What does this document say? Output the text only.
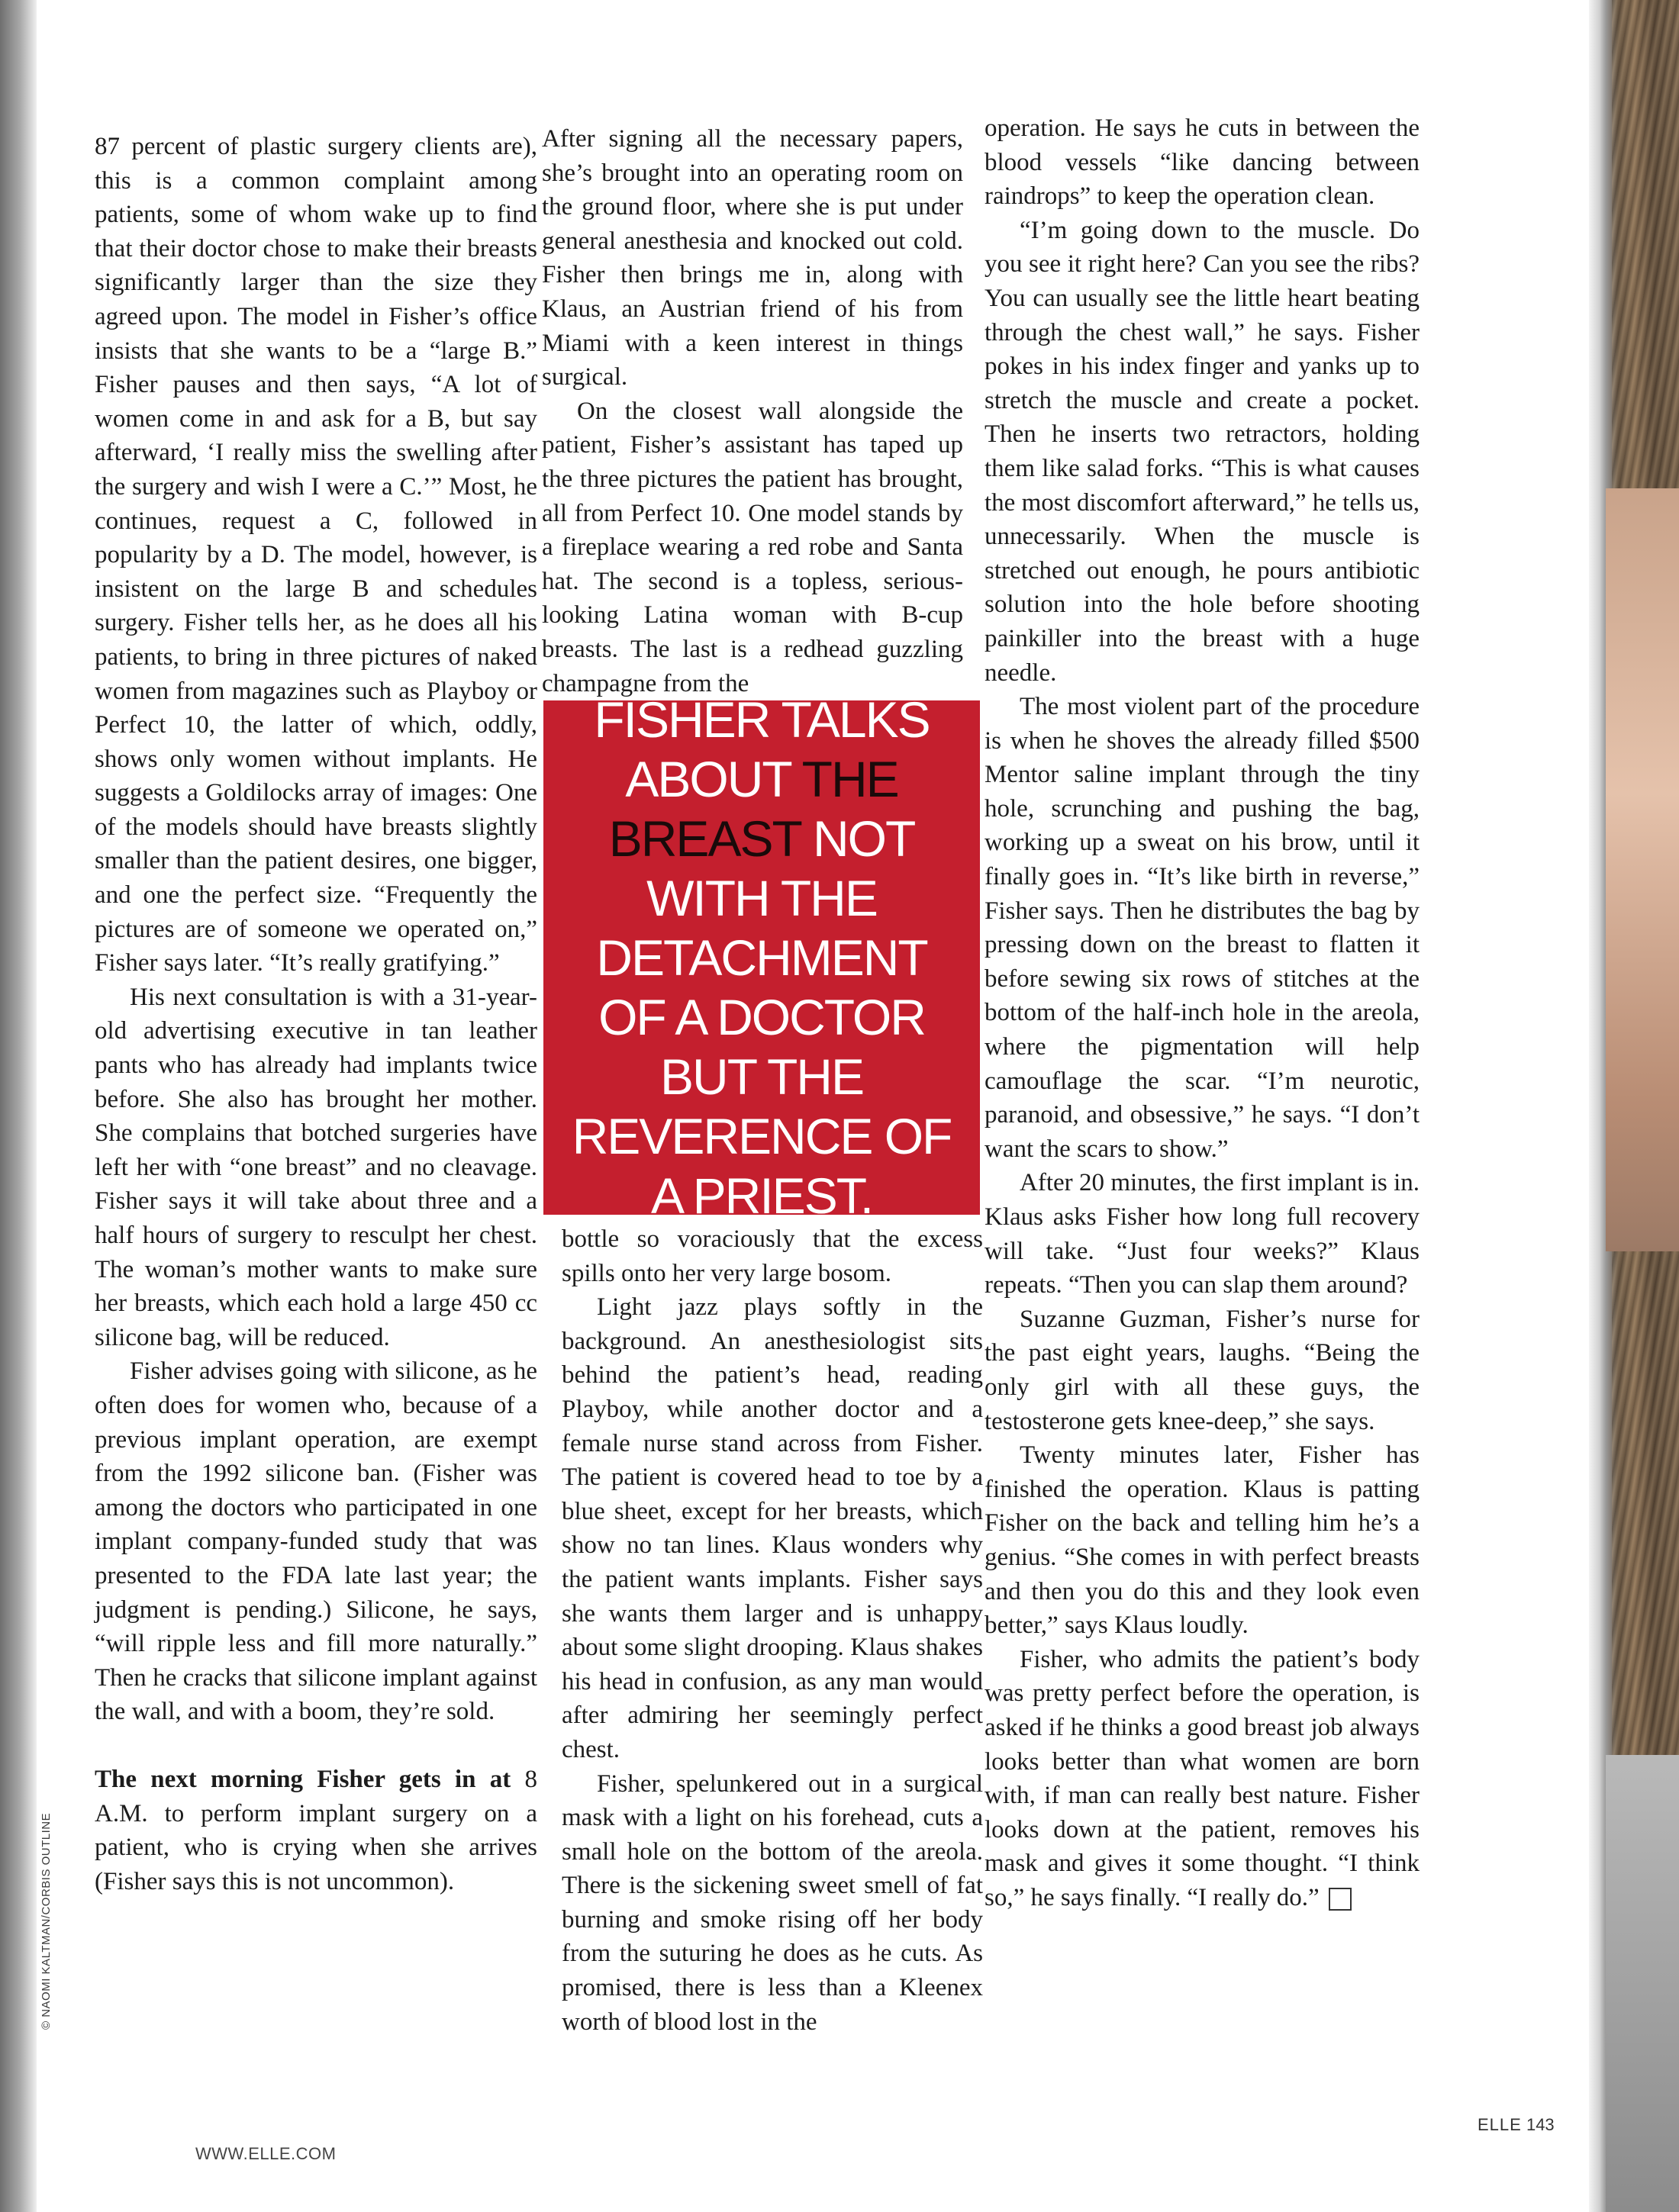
87 percent of plastic surgery clients are), this is a common complaint among patients, some of whom wake up to find that their doctor chose to make their breasts significantly larger than the size they agreed upon. The model in Fisher’s office insists that she wants to be a “large B.” Fisher pauses and then says, “A lot of women come in and ask for a B, but say afterward, ‘I really miss the swelling after the surgery and wish I were a C.’” Most, he continues, request a C, followed in popularity by a D. The model, however, is insistent on the large B and schedules surgery. Fisher tells her, as he does all his patients, to bring in three pictures of naked women from magazines such as Playboy or Perfect 10, the latter of which, oddly, shows only women without implants. He suggests a Goldilocks array of images: One of the models should have breasts slightly smaller than the patient desires, one bigger, and one the perfect size. “Frequently the pictures are of someone we operated on,” Fisher says later. “It’s really gratifying.”

His next consultation is with a 31-year-old advertising executive in tan leather pants who has already had implants twice before. She also has brought her mother. She complains that botched surgeries have left her with “one breast” and no cleavage. Fisher says it will take about three and a half hours of surgery to resculpt her chest. The woman’s mother wants to make sure her breasts, which each hold a large 450 cc silicone bag, will be reduced.

Fisher advises going with silicone, as he often does for women who, because of a previous implant operation, are exempt from the 1992 silicone ban. (Fisher was among the doctors who participated in one implant company-funded study that was presented to the FDA late last year; the judgment is pending.) Silicone, he says, “will ripple less and fill more naturally.” Then he cracks that silicone implant against the wall, and with a boom, they’re sold.

The next morning Fisher gets in at 8 A.M. to perform implant surgery on a patient, who is crying when she arrives (Fisher says this is not uncommon).

After signing all the necessary papers, she’s brought into an operating room on the ground floor, where she is put under general anesthesia and knocked out cold. Fisher then brings me in, along with Klaus, an Austrian friend of his from Miami with a keen interest in things surgical.

On the closest wall alongside the patient, Fisher’s assistant has taped up the three pictures the patient has brought, all from Perfect 10. One model stands by a fireplace wearing a red robe and Santa hat. The second is a topless, serious-looking Latina woman with B-cup breasts. The last is a redhead guzzling champagne from the

FISHER TALKS ABOUT THE BREAST NOT WITH THE DETACHMENT OF A DOCTOR BUT THE REVERENCE OF A PRIEST.

bottle so voraciously that the excess spills onto her very large bosom.

Light jazz plays softly in the background. An anesthesiologist sits behind the patient’s head, reading Playboy, while another doctor and a female nurse stand across from Fisher. The patient is covered head to toe by a blue sheet, except for her breasts, which show no tan lines. Klaus wonders why the patient wants implants. Fisher says she wants them larger and is unhappy about some slight drooping. Klaus shakes his head in confusion, as any man would after admiring her seemingly perfect chest.

Fisher, spelunkered out in a surgical mask with a light on his forehead, cuts a small hole on the bottom of the areola. There is the sickening sweet smell of fat burning and smoke rising off her body from the suturing he does as he cuts. As promised, there is less than a Kleenex worth of blood lost in the

operation. He says he cuts in between the blood vessels “like dancing between raindrops” to keep the operation clean.

“I’m going down to the muscle. Do you see it right here? Can you see the ribs? You can usually see the little heart beating through the chest wall,” he says. Fisher pokes in his index finger and yanks up to stretch the muscle and create a pocket. Then he inserts two retractors, holding them like salad forks. “This is what causes the most discomfort afterward,” he tells us, unnecessarily. When the muscle is stretched out enough, he pours antibiotic solution into the hole before shooting painkiller into the breast with a huge needle.

The most violent part of the procedure is when he shoves the already filled $500 Mentor saline implant through the tiny hole, scrunching and pushing the bag, working up a sweat on his brow, until it finally goes in. “It’s like birth in reverse,” Fisher says. Then he distributes the bag by pressing down on the breast to flatten it before sewing six rows of stitches at the bottom of the half-inch hole in the areola, where the pigmentation will help camouflage the scar. “I’m neurotic, paranoid, and obsessive,” he says. “I don’t want the scars to show.”

After 20 minutes, the first implant is in. Klaus asks Fisher how long full recovery will take. “Just four weeks?” Klaus repeats. “Then you can slap them around?

Suzanne Guzman, Fisher’s nurse for the past eight years, laughs. “Being the only girl with all these guys, the testosterone gets knee-deep,” she says.

Twenty minutes later, Fisher has finished the operation. Klaus is patting Fisher on the back and telling him he’s a genius. “She comes in with perfect breasts and then you do this and they look even better,” says Klaus loudly.

Fisher, who admits the patient’s body was pretty perfect before the operation, is asked if he thinks a good breast job always looks better than what women are born with, if man can really best nature. Fisher looks down at the patient, removes his mask and gives it some thought. “I think so,” he says finally. “I really do.”

© NAOMI KALTMAN/CORBIS OUTLINE
WWW.ELLE.COM
ELLE 143
